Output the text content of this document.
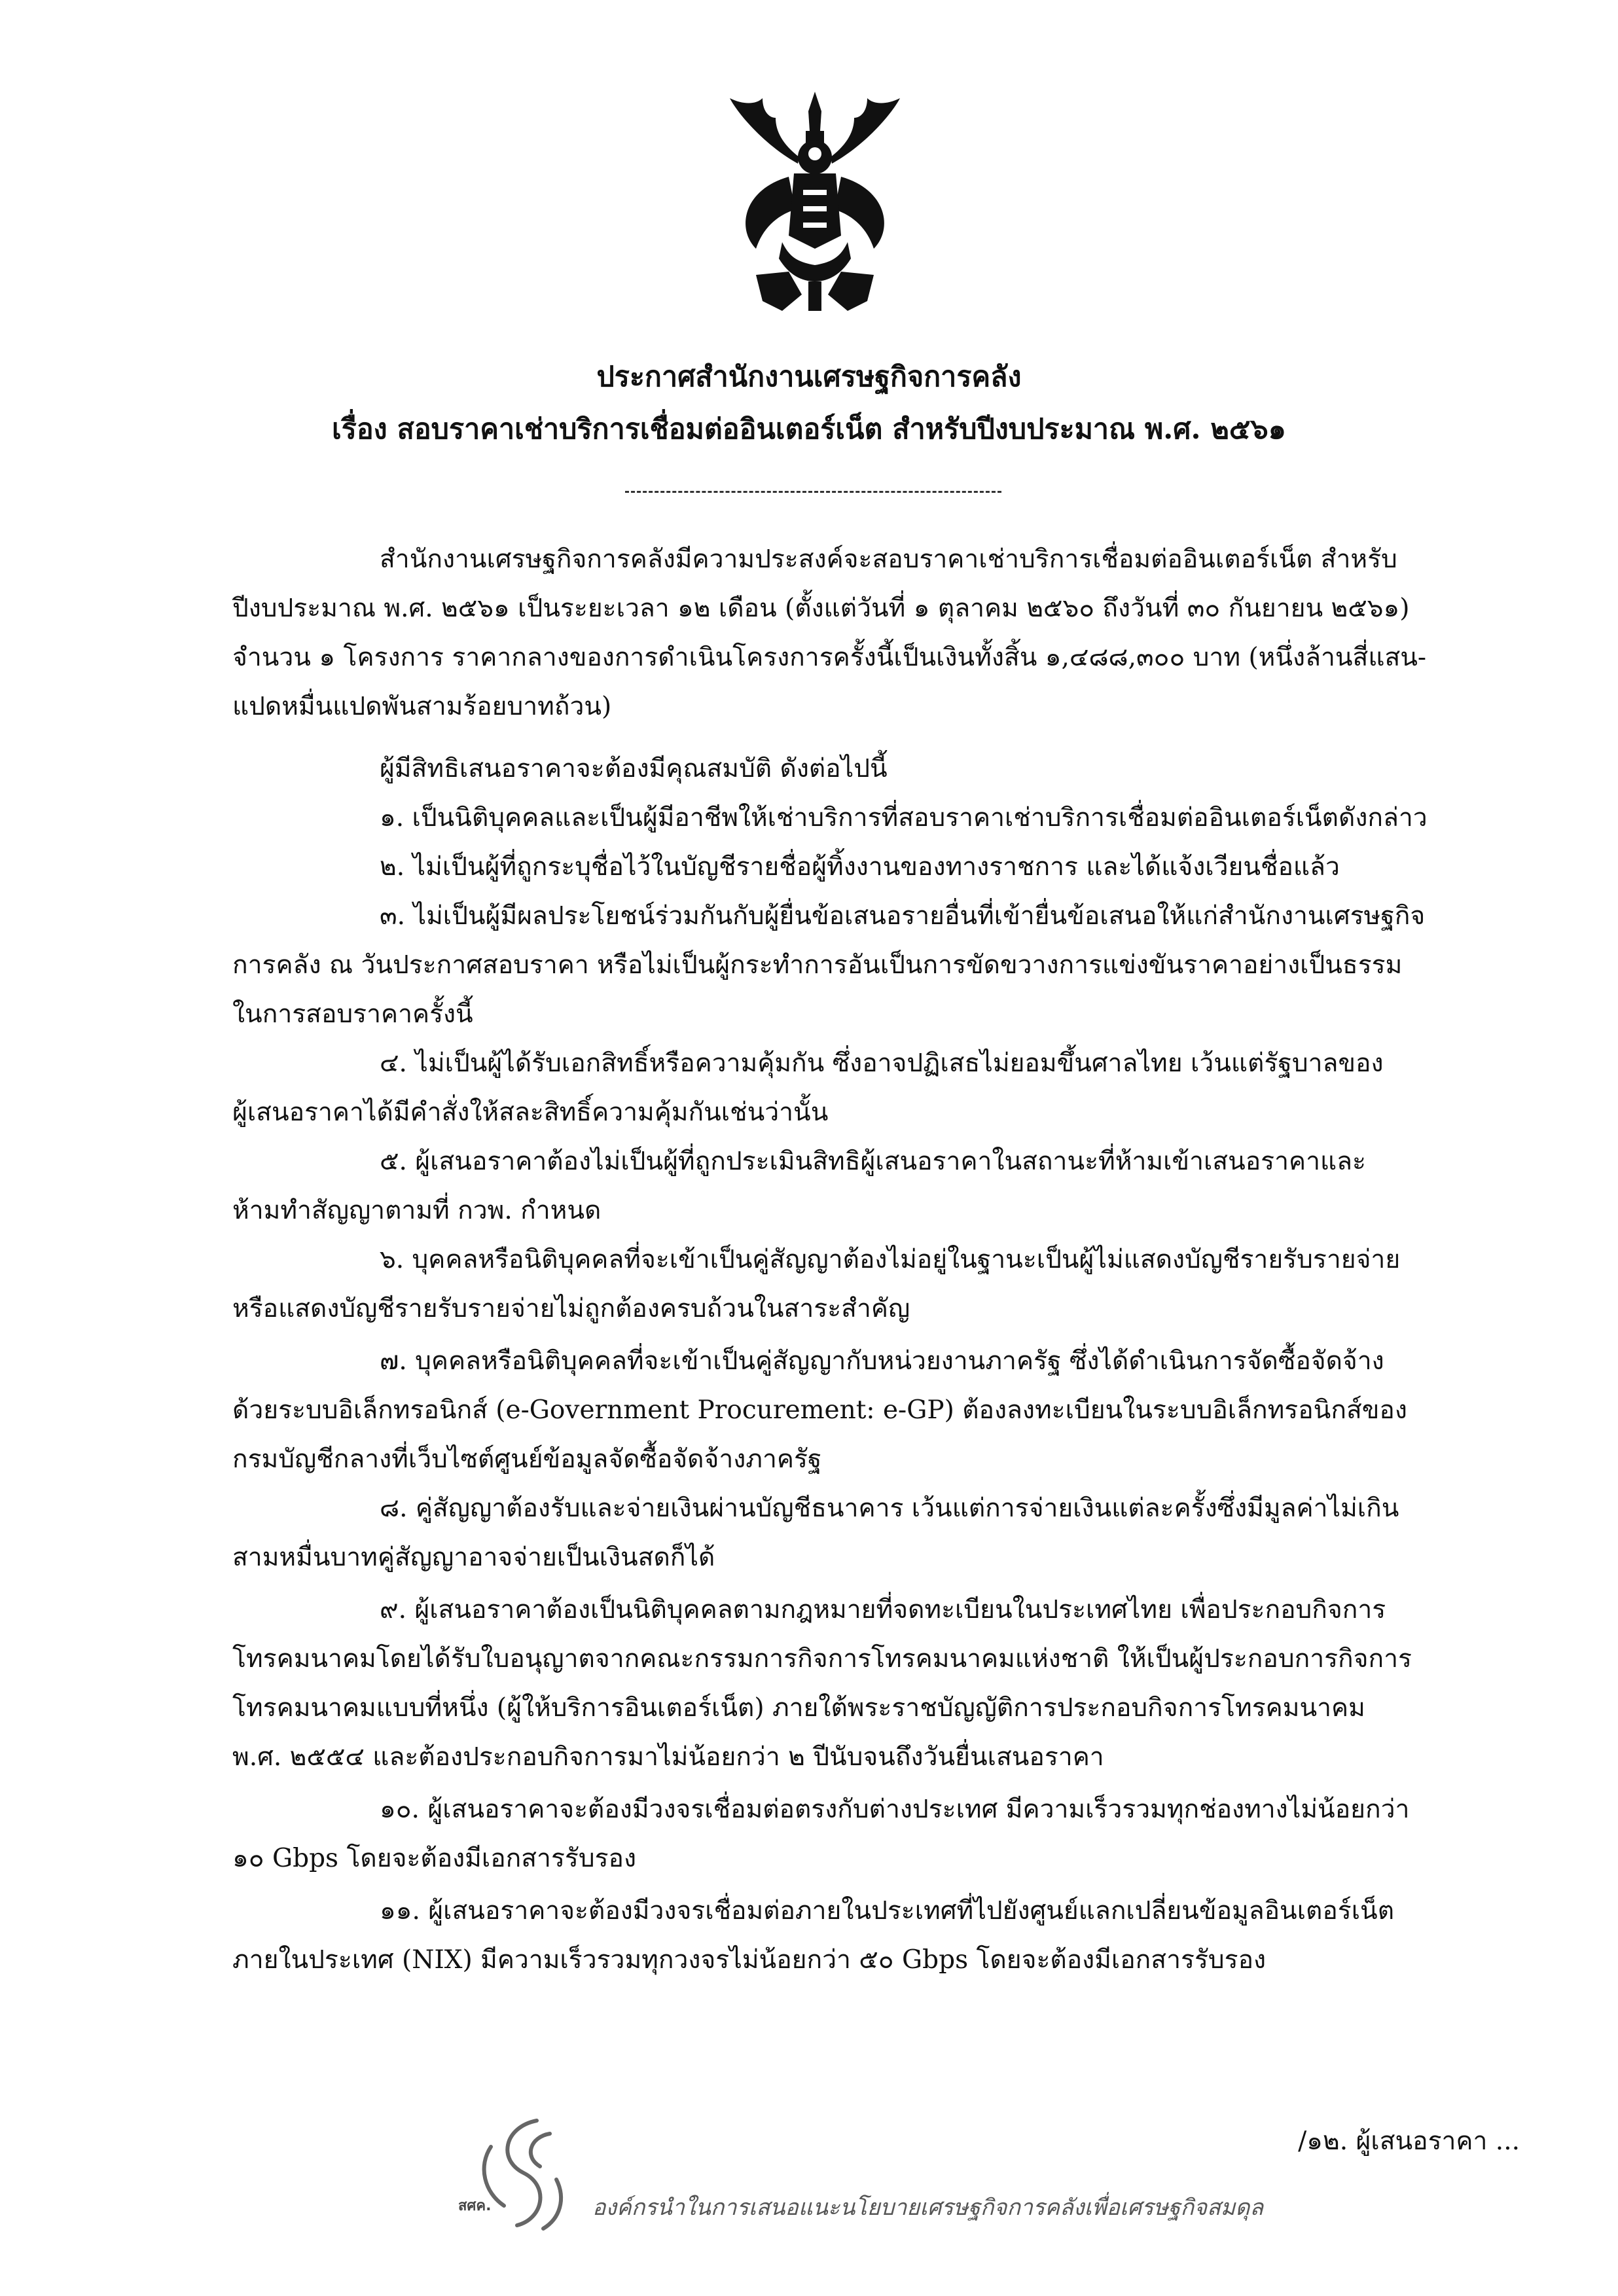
ประกาศสำนักงานเศรษฐกิจการคลัง
เรื่อง สอบราคาเช่าบริการเชื่อมต่ออินเตอร์เน็ต สำหรับปีงบประมาณ พ.ศ. ๒๕๖๑
สำนักงานเศรษฐกิจการคลังมีความประสงค์จะสอบราคาเช่าบริการเชื่อมต่ออินเตอร์เน็ต สำหรับ
ปีงบประมาณ พ.ศ. ๒๕๖๑ เป็นระยะเวลา ๑๒ เดือน (ตั้งแต่วันที่ ๑ ตุลาคม ๒๕๖๐ ถึงวันที่ ๓๐ กันยายน ๒๕๖๑)
จำนวน ๑ โครงการ ราคากลางของการดำเนินโครงการครั้งนี้เป็นเงินทั้งสิ้น ๑,๔๘๘,๓๐๐ บาท (หนึ่งล้านสี่แสน-
แปดหมื่นแปดพันสามร้อยบาทถ้วน)
ผู้มีสิทธิเสนอราคาจะต้องมีคุณสมบัติ ดังต่อไปนี้
๑. เป็นนิติบุคคลและเป็นผู้มีอาชีพให้เช่าบริการที่สอบราคาเช่าบริการเชื่อมต่ออินเตอร์เน็ตดังกล่าว
๒. ไม่เป็นผู้ที่ถูกระบุชื่อไว้ในบัญชีรายชื่อผู้ทิ้งงานของทางราชการ และได้แจ้งเวียนชื่อแล้ว
๓. ไม่เป็นผู้มีผลประโยชน์ร่วมกันกับผู้ยื่นข้อเสนอรายอื่นที่เข้ายื่นข้อเสนอให้แก่สำนักงานเศรษฐกิจ
การคลัง ณ วันประกาศสอบราคา หรือไม่เป็นผู้กระทำการอันเป็นการขัดขวางการแข่งขันราคาอย่างเป็นธรรม
ในการสอบราคาครั้งนี้
๔. ไม่เป็นผู้ได้รับเอกสิทธิ์หรือความคุ้มกัน ซึ่งอาจปฏิเสธไม่ยอมขึ้นศาลไทย เว้นแต่รัฐบาลของ
ผู้เสนอราคาได้มีคำสั่งให้สละสิทธิ์ความคุ้มกันเช่นว่านั้น
๕. ผู้เสนอราคาต้องไม่เป็นผู้ที่ถูกประเมินสิทธิผู้เสนอราคาในสถานะที่ห้ามเข้าเสนอราคาและ
ห้ามทำสัญญาตามที่ กวพ. กำหนด
๖. บุคคลหรือนิติบุคคลที่จะเข้าเป็นคู่สัญญาต้องไม่อยู่ในฐานะเป็นผู้ไม่แสดงบัญชีรายรับรายจ่าย
หรือแสดงบัญชีรายรับรายจ่ายไม่ถูกต้องครบถ้วนในสาระสำคัญ
๗. บุคคลหรือนิติบุคคลที่จะเข้าเป็นคู่สัญญากับหน่วยงานภาครัฐ ซึ่งได้ดำเนินการจัดซื้อจัดจ้าง
ด้วยระบบอิเล็กทรอนิกส์ (e-Government Procurement: e-GP) ต้องลงทะเบียนในระบบอิเล็กทรอนิกส์ของ
กรมบัญชีกลางที่เว็บไซต์ศูนย์ข้อมูลจัดซื้อจัดจ้างภาครัฐ
๘. คู่สัญญาต้องรับและจ่ายเงินผ่านบัญชีธนาคาร เว้นแต่การจ่ายเงินแต่ละครั้งซึ่งมีมูลค่าไม่เกิน
สามหมื่นบาทคู่สัญญาอาจจ่ายเป็นเงินสดก็ได้
๙. ผู้เสนอราคาต้องเป็นนิติบุคคลตามกฎหมายที่จดทะเบียนในประเทศไทย เพื่อประกอบกิจการ
โทรคมนาคมโดยได้รับใบอนุญาตจากคณะกรรมการกิจการโทรคมนาคมแห่งชาติ ให้เป็นผู้ประกอบการกิจการ
โทรคมนาคมแบบที่หนึ่ง (ผู้ให้บริการอินเตอร์เน็ต) ภายใต้พระราชบัญญัติการประกอบกิจการโทรคมนาคม
พ.ศ. ๒๕๕๔ และต้องประกอบกิจการมาไม่น้อยกว่า ๒ ปีนับจนถึงวันยื่นเสนอราคา
๑๐. ผู้เสนอราคาจะต้องมีวงจรเชื่อมต่อตรงกับต่างประเทศ มีความเร็วรวมทุกช่องทางไม่น้อยกว่า
๑๐ Gbps โดยจะต้องมีเอกสารรับรอง
๑๑. ผู้เสนอราคาจะต้องมีวงจรเชื่อมต่อภายในประเทศที่ไปยังศูนย์แลกเปลี่ยนข้อมูลอินเตอร์เน็ต
ภายในประเทศ (NIX) มีความเร็วรวมทุกวงจรไม่น้อยกว่า ๕๐ Gbps โดยจะต้องมีเอกสารรับรอง
/๑๒. ผู้เสนอราคา ...
สศค.	องค์กรนำในการเสนอแนะนโยบายเศรษฐกิจการคลังเพื่อเศรษฐกิจสมดุล
